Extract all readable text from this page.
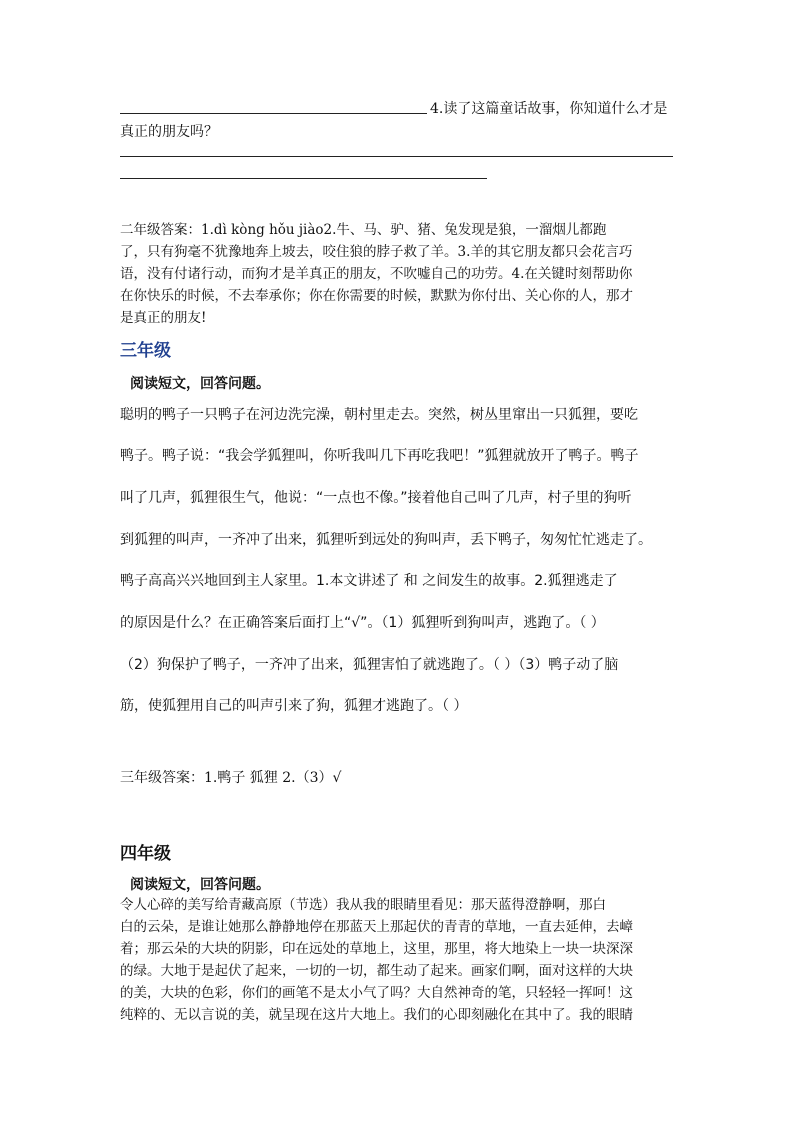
4.读了这篇童话故事，你知道什么才是
真正的朋友吗？
二年级答案：1.dì kòng hǒu jiào2.牛、马、驴、猪、兔发现是狼，一溜烟儿都跑
了，只有狗毫不犹豫地奔上坡去，咬住狼的脖子救了羊。3.羊的其它朋友都只会花言巧
语，没有付诸行动，而狗才是羊真正的朋友，不吹嘘自己的功劳。4.在关键时刻帮助你
在你快乐的时候，不去奉承你；你在你需要的时候，默默为你付出、关心你的人，那才
是真正的朋友!
三年级
阅读短文，回答问题。
聪明的鸭子一只鸭子在河边洗完澡，朝村里走去。突然，树丛里窜出一只狐狸，要吃
鸭子。鸭子说：“我会学狐狸叫，你听我叫几下再吃我吧！”狐狸就放开了鸭子。鸭子
叫了几声，狐狸很生气，他说：“一点也不像。”接着他自己叫了几声，村子里的狗听
到狐狸的叫声，一齐冲了出来，狐狸听到远处的狗叫声，丢下鸭子，匆匆忙忙逃走了。
鸭子高高兴兴地回到主人家里。1.本文讲述了 和 之间发生的故事。2.狐狸逃走了
的原因是什么？在正确答案后面打上“√”。（1）狐狸听到狗叫声，逃跑了。（ ）
（2）狗保护了鸭子，一齐冲了出来，狐狸害怕了就逃跑了。（ ）（3）鸭子动了脑
筋，使狐狸用自己的叫声引来了狗，狐狸才逃跑了。（ ）
三年级答案：1.鸭子 狐狸 2.（3）√
四年级
阅读短文，回答问题。
令人心碎的美写给青藏高原（节选）我从我的眼睛里看见：那天蓝得澄静啊，那白
白的云朵，是谁让她那么静静地停在那蓝天上那起伏的青青的草地，一直去延伸，去嶂
着；那云朵的大块的阴影，印在远处的草地上，这里，那里，将大地染上一块一块深深
的绿。大地于是起伏了起来，一切的一切，都生动了起来。画家们啊，面对这样的大块
的美，大块的色彩，你们的画笔不是太小气了吗？大自然神奇的笔，只轻轻一挥呵！这
纯粹的、无以言说的美，就呈现在这片大地上。我们的心即刻融化在其中了。我的眼睛
